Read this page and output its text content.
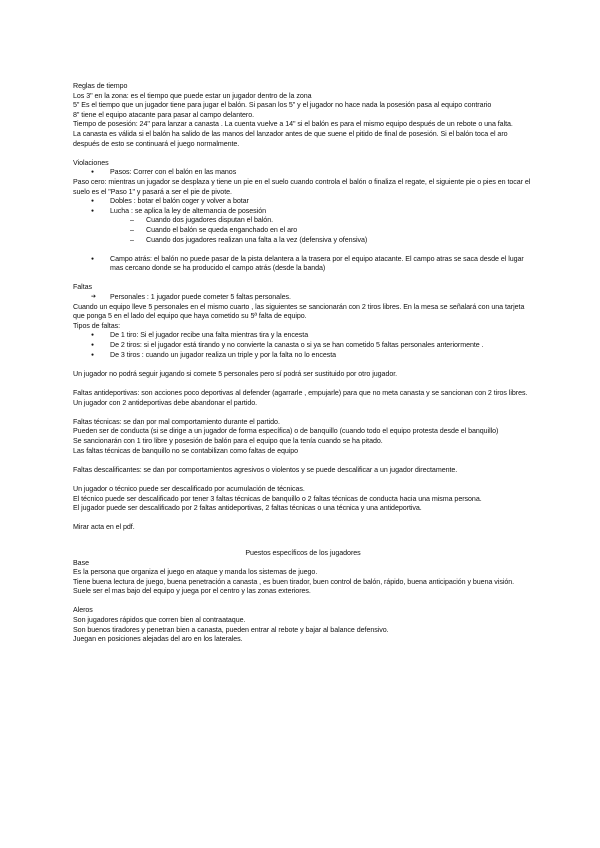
Reglas de tiempo

Los 3" en la zona: es el tiempo que puede estar un jugador dentro de la zona

5" Es el tiempo que un jugador tiene para jugar el balón. Si pasan los 5" y el jugador no hace nada la posesión pasa al equipo contrario

8" tiene el equipo atacante para pasar al campo delantero.

Tiempo de posesión: 24" para lanzar a canasta . La cuenta vuelve a 14" si el balón es para el mismo equipo después de un rebote o una falta.

La canasta es válida si el balón ha salido de las manos del lanzador antes de que suene el pitido de final de posesión. Si el balón toca el aro después de esto se continuará el juego normalmente.

Violaciones

● Pasos: Correr con el balón en las manos

Paso cero: mientras un jugador se desplaza y tiene un pie en el suelo cuando controla el balón o finaliza el regate, el siguiente pie o pies en tocar el suelo es el "Paso 1" y pasará a ser el pie de pivote.

● Dobles : botar el balón coger y volver a botar
● Lucha : se aplica la ley de alternancia de posesión
– Cuando dos jugadores disputan el balón.
– Cuando el balón se queda enganchado en el aro
– Cuando dos jugadores realizan una falta a la vez (defensiva y ofensiva)
● Campo atrás: el balón no puede pasar de la pista delantera a la trasera por el equipo atacante. El campo atras se saca desde el lugar mas cercano donde se ha producido el campo atrás (desde la banda)

Faltas

➔ Personales : 1 jugador puede cometer 5 faltas personales.

Cuando un equipo lleve 5 personales en el mismo cuarto , las siguientes se sancionarán con 2 tiros libres. En la mesa se señalará con una tarjeta que ponga 5 en el lado del equipo que haya cometido su 5ª falta de equipo.

Tipos de faltas:

● De 1 tiro: Si el jugador recibe una falta mientras tira y la encesta
● De 2 tiros: si el jugador está tirando y no convierte la canasta o si ya se han cometido 5 faltas personales anteriormente .
● De 3 tiros : cuando un jugador realiza un triple y por la falta no lo encesta

Un jugador no podrá seguir jugando si comete 5 personales pero sí podrá ser sustituido por otro jugador.

Faltas antideportivas: son acciones poco deportivas al defender (agarrarle , empujarle) para que no meta canasta y se sancionan con 2 tiros libres. Un jugador con 2 antideportivas debe abandonar el partido.

Faltas técnicas: se dan por mal comportamiento durante el partido.

Pueden ser de conducta (si se dirige a un jugador de forma específica) o de banquillo (cuando todo el equipo protesta desde el banquillo)

Se sancionarán con 1 tiro libre y posesión de balón para el equipo que la tenía cuando se ha pitado.

Las faltas técnicas de banquillo no se contabilizan como faltas de equipo

Faltas descalificantes: se dan por comportamientos agresivos o violentos y se puede descalificar a un jugador directamente.

Un jugador o técnico puede ser descalificado por acumulación de técnicas.

El técnico puede ser descalificado por tener 3 faltas técnicas de banquillo o 2 faltas técnicas de conducta hacia una misma persona.

El jugador puede ser descalificado por 2 faltas antideportivas, 2 faltas técnicas o una técnica y una antideportiva.

Mirar acta en el pdf.

Puestos específicos de los jugadores

Base

Es la persona que organiza el juego en ataque y manda los sistemas de juego.

Tiene buena lectura de juego, buena penetración a canasta , es buen tirador, buen control de balón, rápido, buena anticipación y buena visión.

Suele ser el mas bajo del equipo y juega por el centro y las zonas exteriores.

Aleros

Son jugadores rápidos que corren bien al contraataque.

Son buenos tiradores y penetran bien a canasta, pueden entrar al rebote y bajar al balance defensivo.

Juegan en posiciones alejadas del aro en los laterales.
